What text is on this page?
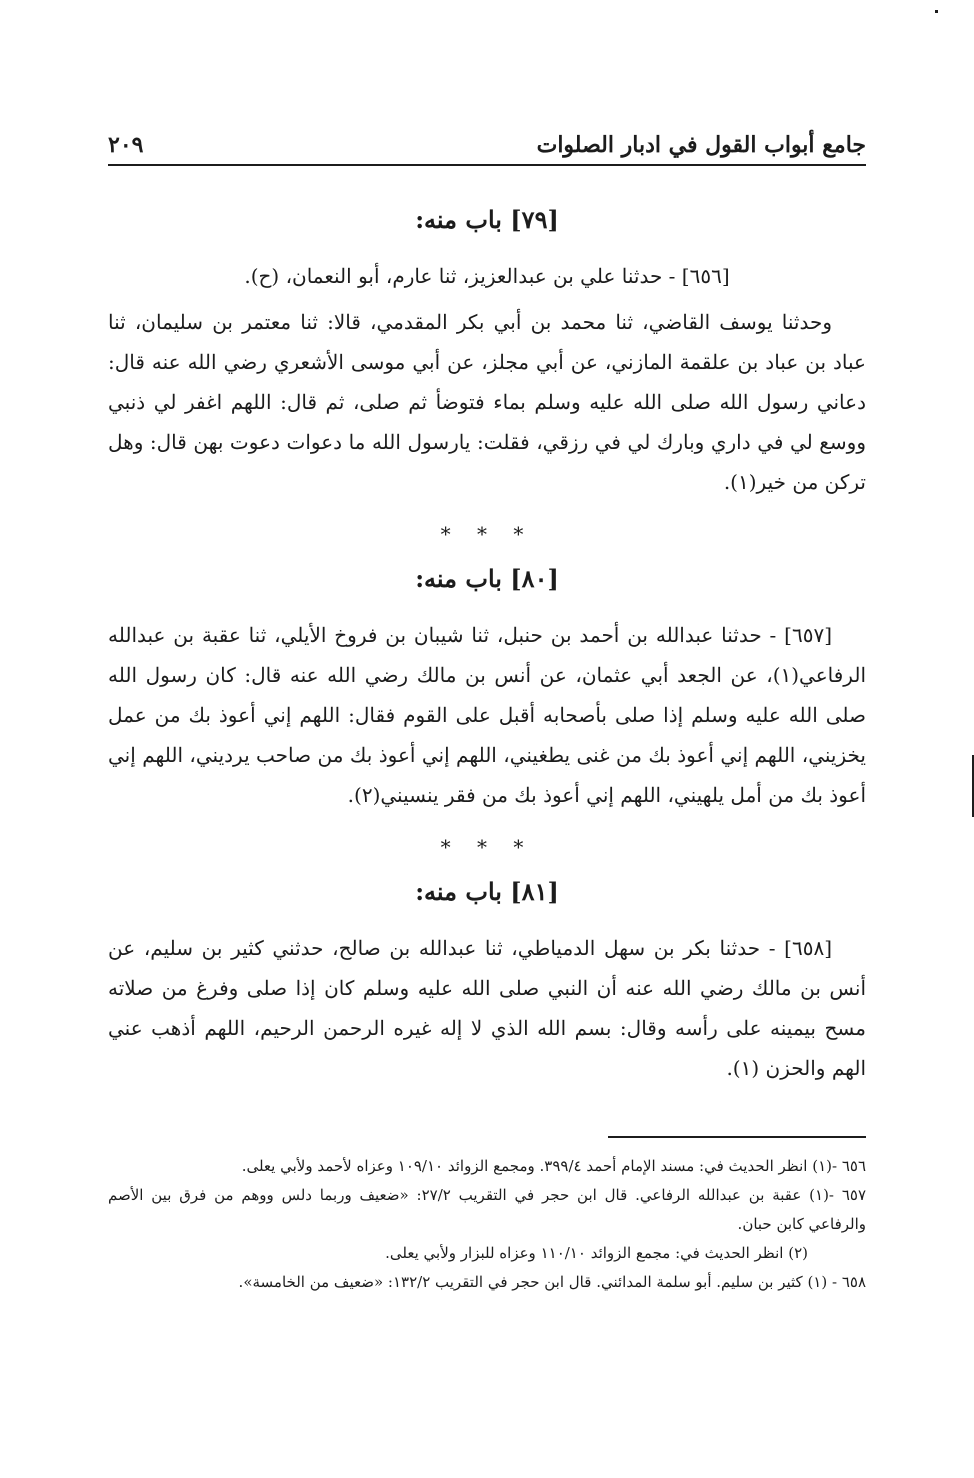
جامع أبواب القول في ادبار الصلوات
٢٠٩
[٧٩] باب منه:

[٦٥٦] - حدثنا علي بن عبدالعزيز، ثنا عارم، أبو النعمان، (ح).

وحدثنا يوسف القاضي، ثنا محمد بن أبي بكر المقدمي، قالا: ثنا معتمر بن سليمان، ثنا عباد بن عباد بن علقمة المازني، عن أبي مجلز، عن أبي موسى الأشعري رضي الله عنه قال: دعاني رسول الله صلى الله عليه وسلم بماء فتوضأ ثم صلى، ثم قال: اللهم اغفر لي ذنبي ووسع لي في داري وبارك لي في رزقي، فقلت: يارسول الله ما دعوات دعوت بهن قال: وهل تركن من خير(١).

* * *
[٨٠] باب منه:

[٦٥٧] - حدثنا عبدالله بن أحمد بن حنبل، ثنا شيبان بن فروخ الأيلي، ثنا عقبة بن عبدالله الرفاعي(١)، عن الجعد أبي عثمان، عن أنس بن مالك رضي الله عنه قال: كان رسول الله صلى الله عليه وسلم إذا صلى بأصحابه أقبل على القوم فقال: اللهم إني أعوذ بك من عمل يخزيني، اللهم إني أعوذ بك من غنى يطغيني، اللهم إني أعوذ بك من صاحب يرديني، اللهم إني أعوذ بك من أمل يلهيني، اللهم إني أعوذ بك من فقر ينسيني(٢).

* * *
[٨١] باب منه:

[٦٥٨] - حدثنا بكر بن سهل الدمياطي، ثنا عبدالله بن صالح، حدثني كثير بن سليم، عن أنس بن مالك رضي الله عنه أن النبي صلى الله عليه وسلم كان إذا صلى وفرغ من صلاته مسح بيمينه على رأسه وقال: بسم الله الذي لا إله غيره الرحمن الرحيم، اللهم أذهب عني الهم والحزن (١).

٦٥٦ -(١) انظر الحديث في: مسند الإمام أحمد ٣٩٩/٤. ومجمع الزوائد ١٠٩/١٠ وعزاه لأحمد ولأبي يعلى.

٦٥٧ -(١) عقبة بن عبدالله الرفاعي. قال ابن حجر في التقريب ٢٧/٢: «ضعيف وربما دلس ووهم من فرق بين الأصم والرفاعي كابن حبان.

(٢) انظر الحديث في: مجمع الزوائد ١١٠/١٠ وعزاه للبزار ولأبي يعلى.

٦٥٨ - (١) كثير بن سليم. أبو سلمة المدائني. قال ابن حجر في التقريب ١٣٢/٢: «ضعيف من الخامسة».
